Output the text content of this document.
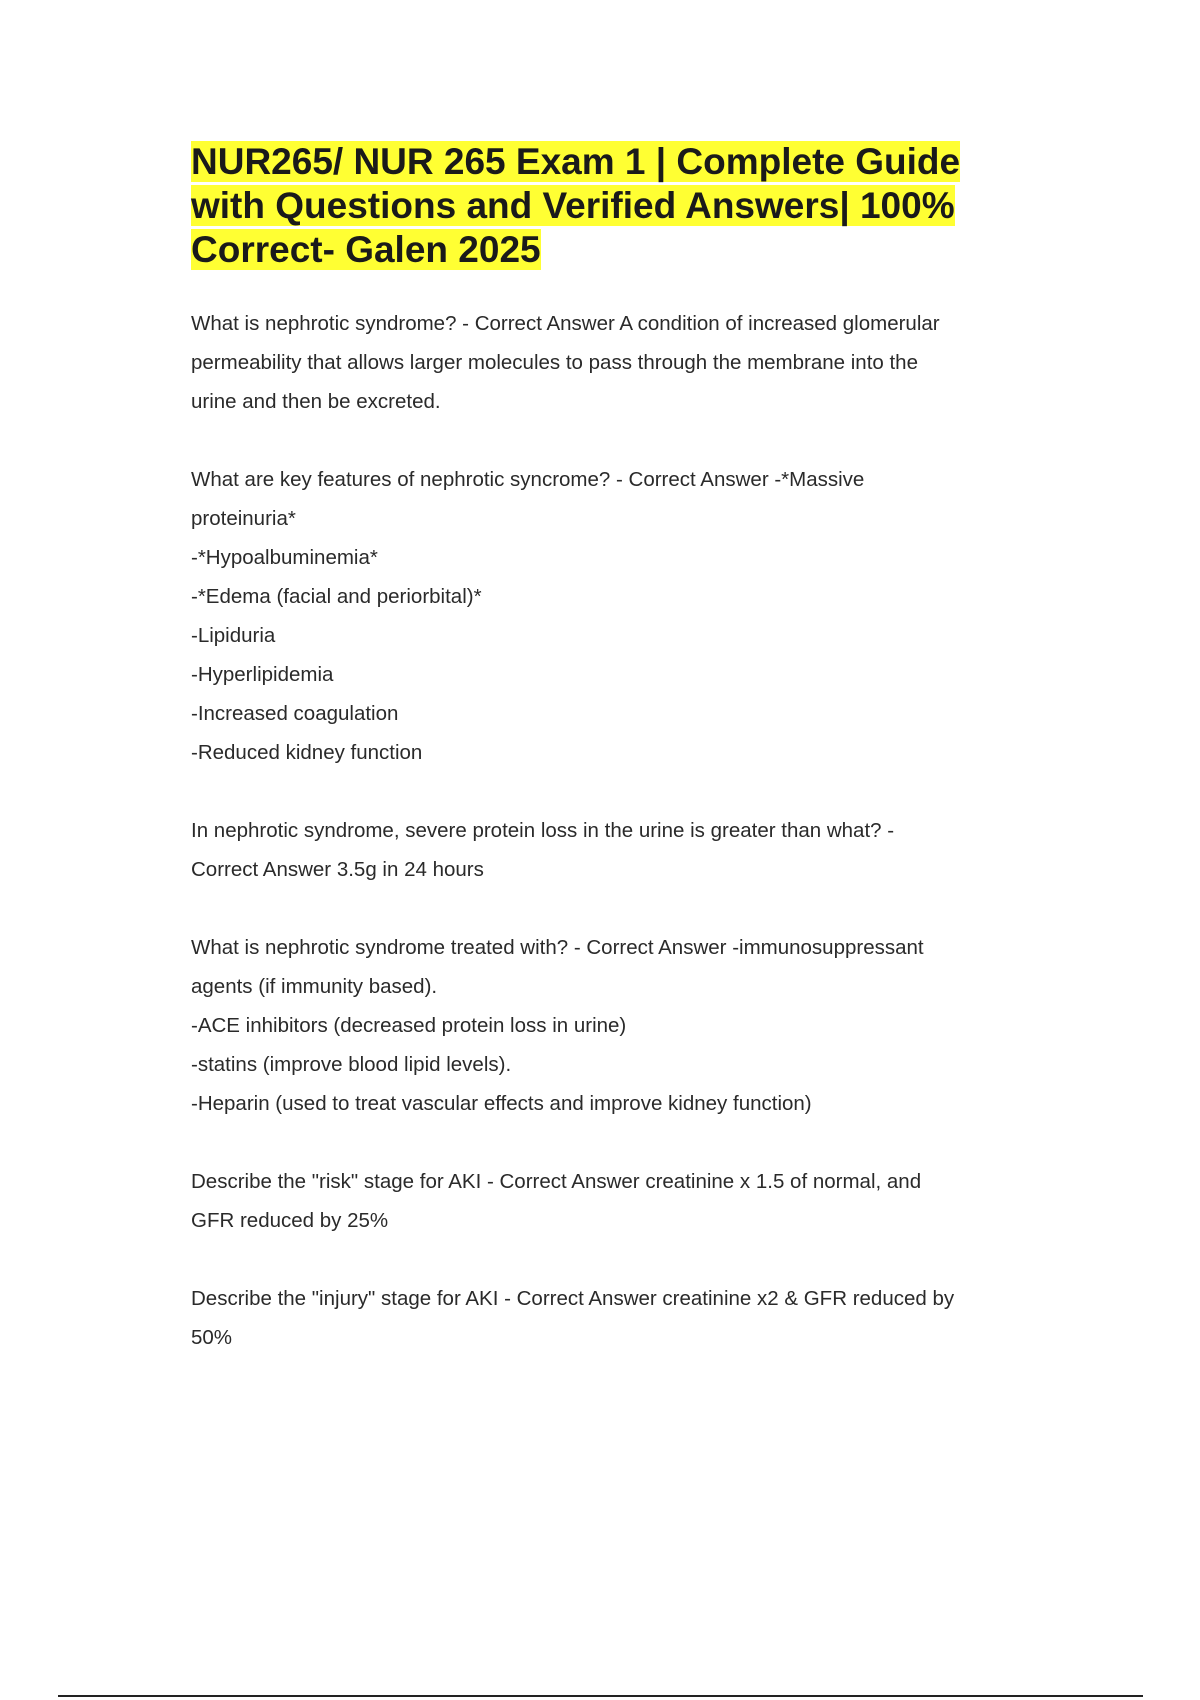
NUR265/ NUR 265 Exam 1 | Complete Guide
with Questions and Verified Answers| 100%
Correct- Galen 2025

What is nephrotic syndrome? - Correct Answer A condition of increased glomerular

permeability that allows larger molecules to pass through the membrane into the

urine and then be excreted.

What are key features of nephrotic syncrome? - Correct Answer -*Massive

proteinuria*

-*Hypoalbuminemia*

-*Edema (facial and periorbital)*

-Lipiduria

-Hyperlipidemia

-Increased coagulation

-Reduced kidney function

In nephrotic syndrome, severe protein loss in the urine is greater than what? -

Correct Answer 3.5g in 24 hours

What is nephrotic syndrome treated with? - Correct Answer -immunosuppressant

agents (if immunity based).

-ACE inhibitors (decreased protein loss in urine)

-statins (improve blood lipid levels).

-Heparin (used to treat vascular effects and improve kidney function)

Describe the "risk" stage for AKI - Correct Answer creatinine x 1.5 of normal, and

GFR reduced by 25%

Describe the "injury" stage for AKI - Correct Answer creatinine x2 & GFR reduced by

50%
